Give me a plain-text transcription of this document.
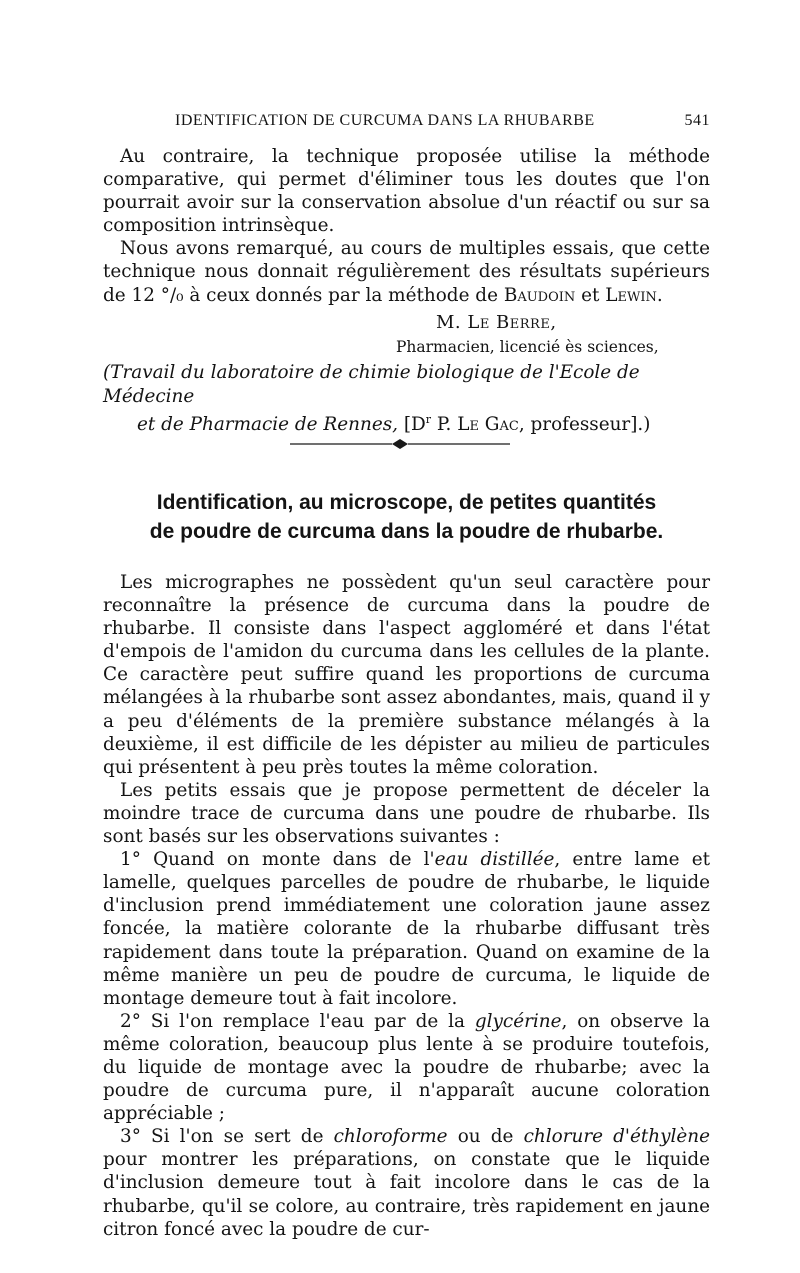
IDENTIFICATION DE CURCUMA DANS LA RHUBARBE	541

Au contraire, la technique proposée utilise la méthode comparative, qui permet d'éliminer tous les doutes que l'on pourrait avoir sur la conservation absolue d'un réactif ou sur sa composition intrinsèque.

Nous avons remarqué, au cours de multiples essais, que cette technique nous donnait régulièrement des résultats supérieurs de 12 °/₀ à ceux donnés par la méthode de Baudoin et Lewin.

M. Le Berre,
Pharmacien, licencié ès sciences,
(Travail du laboratoire de chimie biologique de l'Ecole de Médecine
et de Pharmacie de Rennes, [$D^r$ P. Le Gac, professeur].)
Identification, au microscope, de petites quantités
de poudre de curcuma dans la poudre de rhubarbe.

Les micrographes ne possèdent qu'un seul caractère pour reconnaître la présence de curcuma dans la poudre de rhubarbe. Il consiste dans l'aspect aggloméré et dans l'état d'empois de l'amidon du curcuma dans les cellules de la plante. Ce caractère peut suffire quand les proportions de curcuma mélangées à la rhubarbe sont assez abondantes, mais, quand il y a peu d'éléments de la première substance mélangés à la deuxième, il est difficile de les dépister au milieu de particules qui présentent à peu près toutes la même coloration.

Les petits essais que je propose permettent de déceler la moindre trace de curcuma dans une poudre de rhubarbe. Ils sont basés sur les observations suivantes :

1° Quand on monte dans de l'eau distillée, entre lame et lamelle, quelques parcelles de poudre de rhubarbe, le liquide d'inclusion prend immédiatement une coloration jaune assez foncée, la matière colorante de la rhubarbe diffusant très rapidement dans toute la préparation. Quand on examine de la même manière un peu de poudre de curcuma, le liquide de montage demeure tout à fait incolore.

2° Si l'on remplace l'eau par de la glycérine, on observe la même coloration, beaucoup plus lente à se produire toutefois, du liquide de montage avec la poudre de rhubarbe; avec la poudre de curcuma pure, il n'apparaît aucune coloration appréciable ;

3° Si l'on se sert de chloroforme ou de chlorure d'éthylène pour montrer les préparations, on constate que le liquide d'inclusion demeure tout à fait incolore dans le cas de la rhubarbe, qu'il se colore, au contraire, très rapidement en jaune citron foncé avec la poudre de cur-
